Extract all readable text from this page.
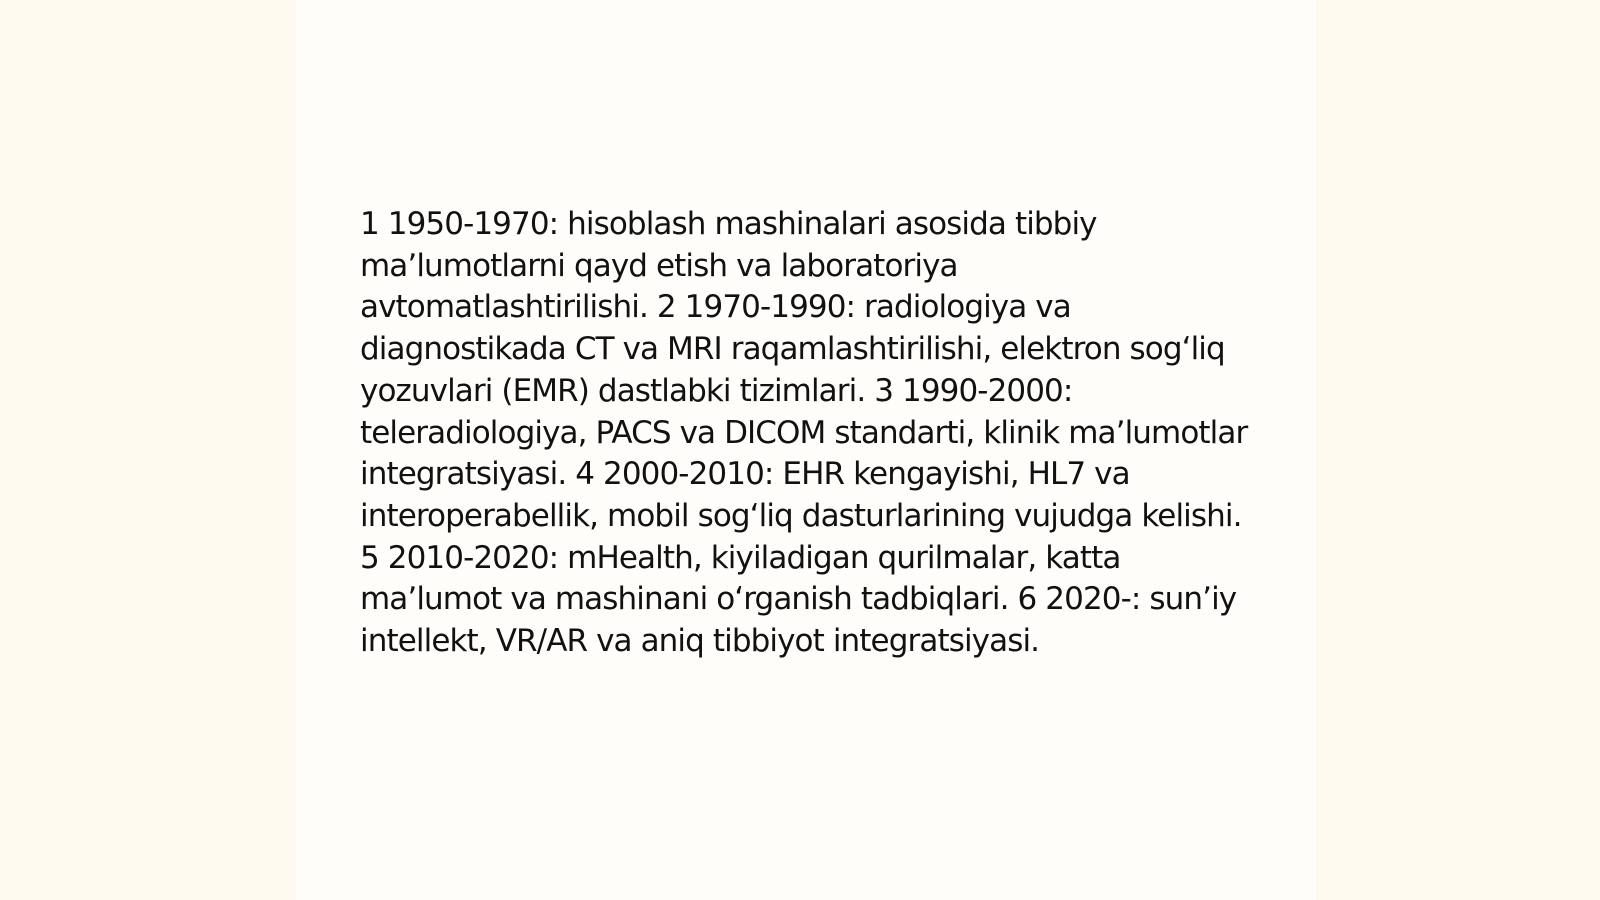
1 1950-1970: hisoblash mashinalari asosida tibbiy ma’lumotlarni qayd etish va laboratoriya avtomatlashtirilishi. 2 1970-1990: radiologiya va diagnostikada CT va MRI raqamlashtirilishi, elektron sog‘liq yozuvlari (EMR) dastlabki tizimlari. 3 1990-2000: teleradiologiya, PACS va DICOM standarti, klinik ma’lumotlar integratsiyasi. 4 2000-2010: EHR kengayishi, HL7 va interoperabellik, mobil sog‘liq dasturlarining vujudga kelishi. 5 2010-2020: mHealth, kiyiladigan qurilmalar, katta ma’lumot va mashinani o‘rganish tadbiqlari. 6 2020-: sun’iy intellekt, VR/AR va aniq tibbiyot integratsiyasi.
